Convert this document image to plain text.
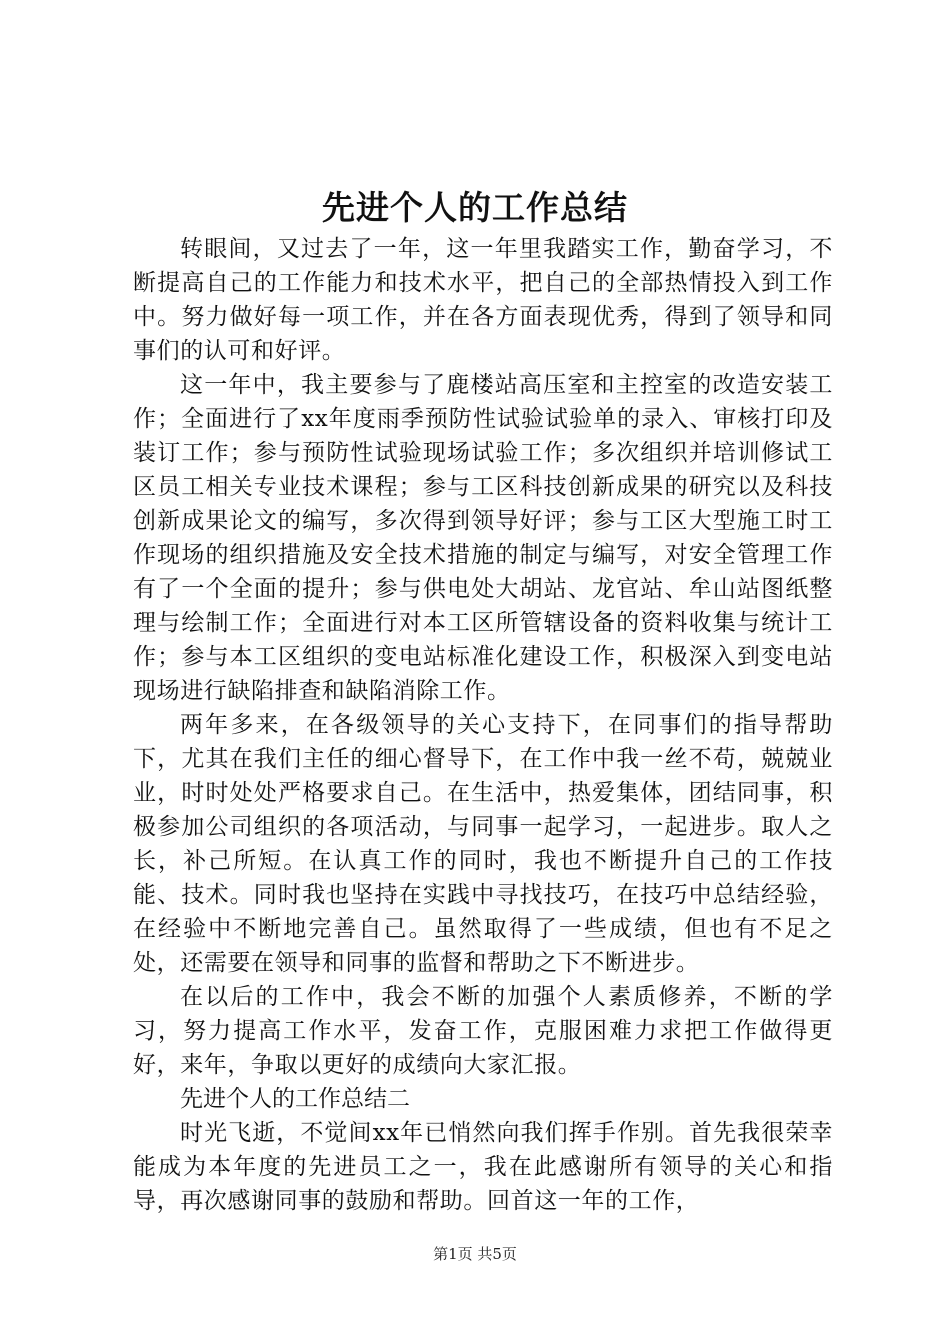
先进个人的工作总结

转眼间，又过去了一年，这一年里我踏实工作，勤奋学习，不断提高自己的工作能力和技术水平，把自己的全部热情投入到工作中。努力做好每一项工作，并在各方面表现优秀，得到了领导和同事们的认可和好评。

这一年中，我主要参与了鹿楼站高压室和主控室的改造安装工作；全面进行了xx年度雨季预防性试验试验单的录入、审核打印及装订工作；参与预防性试验现场试验工作；多次组织并培训修试工区员工相关专业技术课程；参与工区科技创新成果的研究以及科技创新成果论文的编写，多次得到领导好评；参与工区大型施工时工作现场的组织措施及安全技术措施的制定与编写，对安全管理工作有了一个全面的提升；参与供电处大胡站、龙官站、牟山站图纸整理与绘制工作；全面进行对本工区所管辖设备的资料收集与统计工作；参与本工区组织的变电站标准化建设工作，积极深入到变电站现场进行缺陷排查和缺陷消除工作。

两年多来，在各级领导的关心支持下，在同事们的指导帮助下，尤其在我们主任的细心督导下，在工作中我一丝不苟，兢兢业业，时时处处严格要求自己。在生活中，热爱集体，团结同事，积极参加公司组织的各项活动，与同事一起学习，一起进步。取人之长，补己所短。在认真工作的同时，我也不断提升自己的工作技能、技术。同时我也坚持在实践中寻找技巧，在技巧中总结经验，在经验中不断地完善自己。虽然取得了一些成绩，但也有不足之处，还需要在领导和同事的监督和帮助之下不断进步。

在以后的工作中，我会不断的加强个人素质修养，不断的学习，努力提高工作水平，发奋工作，克服困难力求把工作做得更好，来年，争取以更好的成绩向大家汇报。

先进个人的工作总结二

时光飞逝，不觉间xx年已悄然向我们挥手作别。首先我很荣幸能成为本年度的先进员工之一，我在此感谢所有领导的关心和指导，再次感谢同事的鼓励和帮助。回首这一年的工作，

第1页 共5页
